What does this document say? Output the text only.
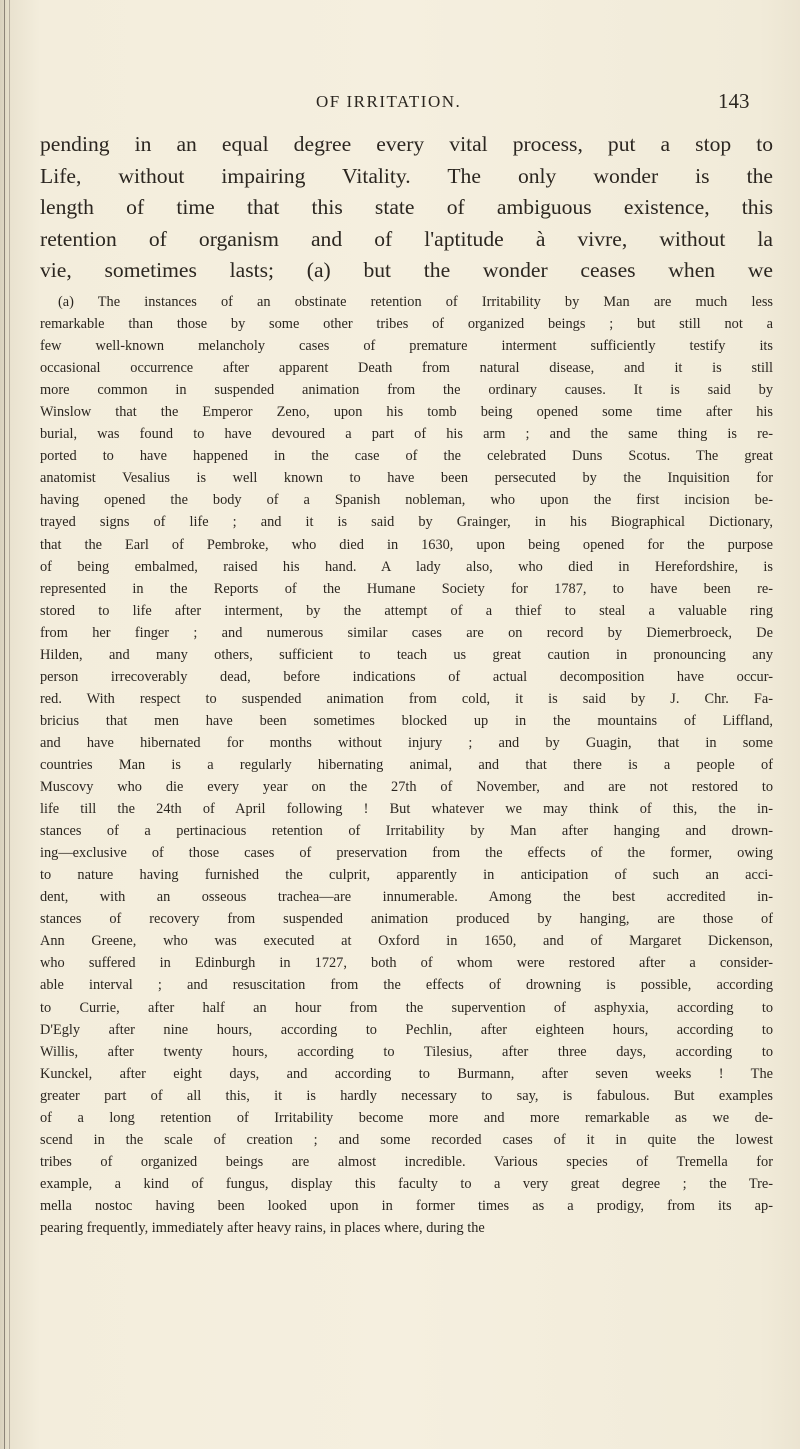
OF IRRITATION.	143
pending in an equal degree every vital process, put a stop to
Life, without impairing Vitality. The only wonder is the
length of time that this state of ambiguous existence, this
retention of organism and of l'aptitude à vivre, without la
vie, sometimes lasts; (a) but the wonder ceases when we
(a) The instances of an obstinate retention of Irritability by Man are much less
remarkable than those by some other tribes of organized beings ; but still not a
few well-known melancholy cases of premature interment sufficiently testify its
occasional occurrence after apparent Death from natural disease, and it is still
more common in suspended animation from the ordinary causes. It is said by
Winslow that the Emperor Zeno, upon his tomb being opened some time after his
burial, was found to have devoured a part of his arm ; and the same thing is re-
ported to have happened in the case of the celebrated Duns Scotus. The great
anatomist Vesalius is well known to have been persecuted by the Inquisition for
having opened the body of a Spanish nobleman, who upon the first incision be-
trayed signs of life ; and it is said by Grainger, in his Biographical Dictionary,
that the Earl of Pembroke, who died in 1630, upon being opened for the purpose
of being embalmed, raised his hand. A lady also, who died in Herefordshire, is
represented in the Reports of the Humane Society for 1787, to have been re-
stored to life after interment, by the attempt of a thief to steal a valuable ring
from her finger ; and numerous similar cases are on record by Diemerbroeck, De
Hilden, and many others, sufficient to teach us great caution in pronouncing any
person irrecoverably dead, before indications of actual decomposition have occur-
red. With respect to suspended animation from cold, it is said by J. Chr. Fa-
bricius that men have been sometimes blocked up in the mountains of Liffland,
and have hibernated for months without injury ; and by Guagin, that in some
countries Man is a regularly hibernating animal, and that there is a people of
Muscovy who die every year on the 27th of November, and are not restored to
life till the 24th of April following ! But whatever we may think of this, the in-
stances of a pertinacious retention of Irritability by Man after hanging and drown-
ing—exclusive of those cases of preservation from the effects of the former, owing
to nature having furnished the culprit, apparently in anticipation of such an acci-
dent, with an osseous trachea—are innumerable. Among the best accredited in-
stances of recovery from suspended animation produced by hanging, are those of
Ann Greene, who was executed at Oxford in 1650, and of Margaret Dickenson,
who suffered in Edinburgh in 1727, both of whom were restored after a consider-
able interval ; and resuscitation from the effects of drowning is possible, according
to Currie, after half an hour from the supervention of asphyxia, according to
D'Egly after nine hours, according to Pechlin, after eighteen hours, according to
Willis, after twenty hours, according to Tilesius, after three days, according to
Kunckel, after eight days, and according to Burmann, after seven weeks ! The
greater part of all this, it is hardly necessary to say, is fabulous. But examples
of a long retention of Irritability become more and more remarkable as we de-
scend in the scale of creation ; and some recorded cases of it in quite the lowest
tribes of organized beings are almost incredible. Various species of Tremella for
example, a kind of fungus, display this faculty to a very great degree ; the Tre-
mella nostoc having been looked upon in former times as a prodigy, from its ap-
pearing frequently, immediately after heavy rains, in places where, during the
